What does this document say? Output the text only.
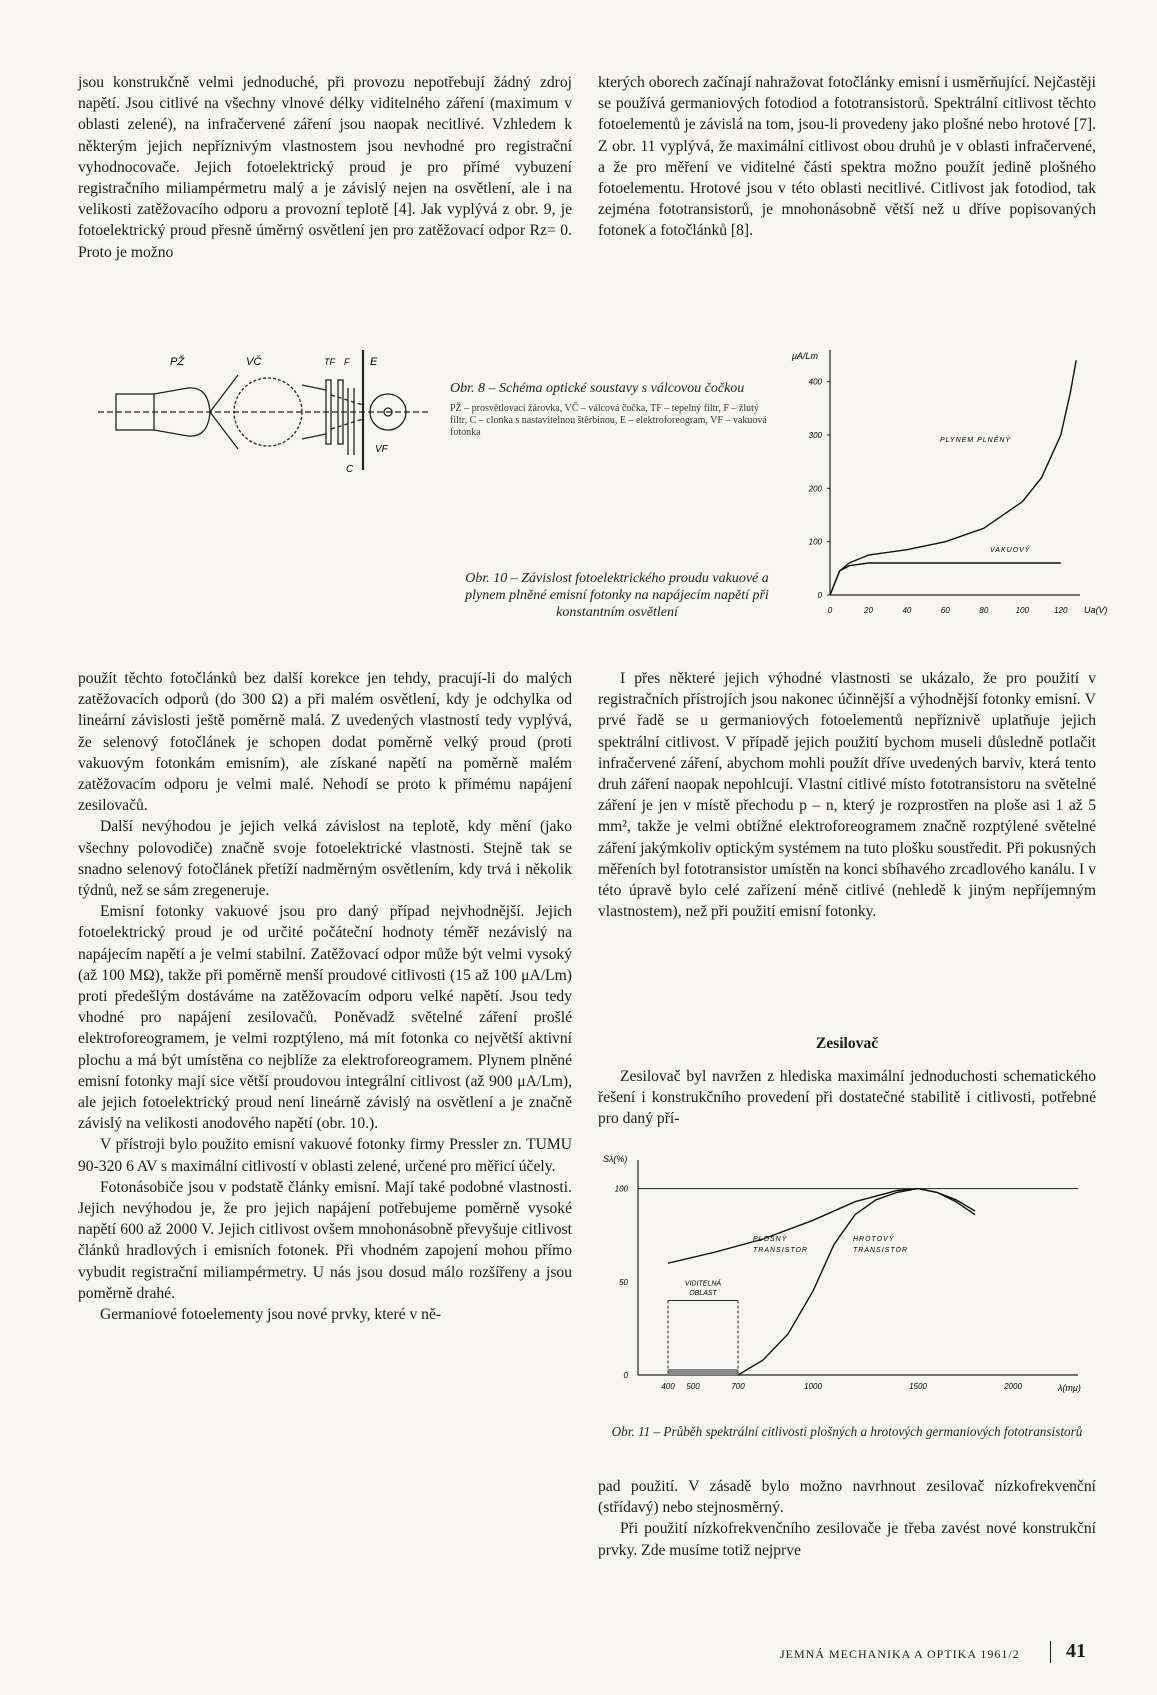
jsou konstrukčně velmi jednoduché, při provozu nepotřebují žádný zdroj napětí. Jsou citlivé na všechny vlnové délky viditelného záření (maximum v oblasti zelené), na infračervené záření jsou naopak necitlivé. Vzhledem k některým jejich nepříznivým vlastnostem jsou nevhodné pro registrační vyhodnocovače. Jejich fotoelektrický proud je pro přímé vybuzení registračního miliampérmetru malý a je závislý nejen na osvětlení, ale i na velikosti zatěžovacího odporu a provozní teplotě [4]. Jak vyplývá z obr. 9, je fotoelektrický proud přesně úměrný osvětlení jen pro zatěžovací odpor Rz= 0. Proto je možno

kterých oborech začínají nahražovat fotočlánky emisní i usměrňující. Nejčastěji se používá germaniových fotodiod a fototransistorů. Spektrální citlivost těchto fotoelementů je závislá na tom, jsou-li provedeny jako plošné nebo hrotové [7]. Z obr. 11 vyplývá, že maximální citlivost obou druhů je v oblasti infračervené, a že pro měření ve viditelné části spektra možno použít jedině plošného fotoelementu. Hrotové jsou v této oblasti necitlivé. Citlivost jak fotodiod, tak zejména fototransistorů, je mnohonásobně větší než u dříve popisovaných fotonek a fotočlánků [8].

PŽ	VČ	TF F E
C
VF
Obr. 8 – Schéma optické soustavy s válcovou čočkou
PŽ – prosvětlovací žárovka, VČ – válcová čočka, TF – tepelný filtr, F – žlutý filtr, C – clonka s nastavitelnou štěrbinou, E – elektroforeogram, VF – vakuová fotonka
μA/Lm
0
100
200
300
400
0	20	40	60	80	100	120 Ua(V)
PLYNEM PLNĚNÝ
VAKUOVÝ
Obr. 10 – Závislost fotoelektrického proudu vakuové a plynem plněné emisní fotonky na napájecím napětí při konstantním osvětlení

použít těchto fotočlánků bez další korekce jen tehdy, pracují-li do malých zatěžovacích odporů (do 300 Ω) a při malém osvětlení, kdy je odchylka od lineární závislosti ještě poměrně malá. Z uvedených vlastností tedy vyplývá, že selenový fotočlánek je schopen dodat poměrně velký proud (proti vakuovým fotonkám emisním), ale získané napětí na poměrně malém zatěžovacím odporu je velmi malé. Nehodí se proto k přímému napájení zesilovačů.

Další nevýhodou je jejich velká závislost na teplotě, kdy mění (jako všechny polovodiče) značně svoje fotoelektrické vlastnosti. Stejně tak se snadno selenový fotočlánek přetíží nadměrným osvětlením, kdy trvá i několik týdnů, než se sám zregeneruje.

Emisní fotonky vakuové jsou pro daný případ nejvhodnější. Jejich fotoelektrický proud je od určité počáteční hodnoty téměř nezávislý na napájecím napětí a je velmi stabilní. Zatěžovací odpor může být velmi vysoký (až 100 MΩ), takže při poměrně menší proudové citlivosti (15 až 100 μA/Lm) proti předešlým dostáváme na zatěžovacím odporu velké napětí. Jsou tedy vhodné pro napájení zesilovačů. Poněvadž světelné záření prošlé elektroforeogramem, je velmi rozptýleno, má mít fotonka co největší aktivní plochu a má být umístěna co nejblíže za elektroforeogramem. Plynem plněné emisní fotonky mají sice větší proudovou integrální citlivost (až 900 μA/Lm), ale jejich fotoelektrický proud není lineárně závislý na osvětlení a je značně závislý na velikosti anodového napětí (obr. 10.).

V přístroji bylo použito emisní vakuové fotonky firmy Pressler zn. TUMU 90-320 6 AV s maximální citlivostí v oblasti zelené, určené pro měřicí účely.

Fotonásobiče jsou v podstatě články emisní. Mají také podobné vlastnosti. Jejich nevýhodou je, že pro jejich napájení potřebujeme poměrně vysoké napětí 600 až 2000 V. Jejich citlivost ovšem mnohonásobně převyšuje citlivost článků hradlových i emisních fotonek. Při vhodném zapojení mohou přímo vybudit registrační miliampérmetry. U nás jsou dosud málo rozšířeny a jsou poměrně drahé.

Germaniové fotoelementy jsou nové prvky, které v ně-

I přes některé jejich výhodné vlastnosti se ukázalo, že pro použití v registračních přístrojích jsou nakonec účinnější a výhodnější fotonky emisní. V prvé řadě se u germaniových fotoelementů nepříznivě uplatňuje jejich spektrální citlivost. V případě jejich použití bychom museli důsledně potlačit infračervené záření, abychom mohli použít dříve uvedených barviv, která tento druh záření naopak nepohlcují. Vlastní citlivé místo fototransistoru na světelné záření je jen v místě přechodu p – n, který je rozprostřen na ploše asi 1 až 5 mm², takže je velmi obtížné elektroforeogramem značně rozptýlené světelné záření jakýmkoliv optickým systémem na tuto plošku soustředit. Při pokusných měřeních byl fototransistor umístěn na konci sbíhavého zrcadlového kanálu. I v této úpravě bylo celé zařízení méně citlivé (nehledě k jiným nepříjemným vlastnostem), než při použití emisní fotonky.

Zesilovač

Zesilovač byl navržen z hlediska maximální jednoduchosti schematického řešení i konstrukčního provedení při dostatečné stabilitě i citlivosti, potřebné pro daný pří-

Sλ(%)
0
50
100
400 500	700	1000	1500	2000	λ(mμ)
VIDITELNÁ
OBLAST
PLOŠNÝ
TRANSISTOR
HROTOVÝ
TRANSISTOR
Obr. 11 – Průběh spektrální citlivosti plošných a hrotových germaniových fototransistorů

pad použití. V zásadě bylo možno navrhnout zesilovač nízkofrekvenční (střídavý) nebo stejnosměrný.

Při použití nízkofrekvenčního zesilovače je třeba zavést nové konstrukční prvky. Zde musíme totiž nejprve

JEMNÁ MECHANIKA A OPTIKA 1961/2 41
